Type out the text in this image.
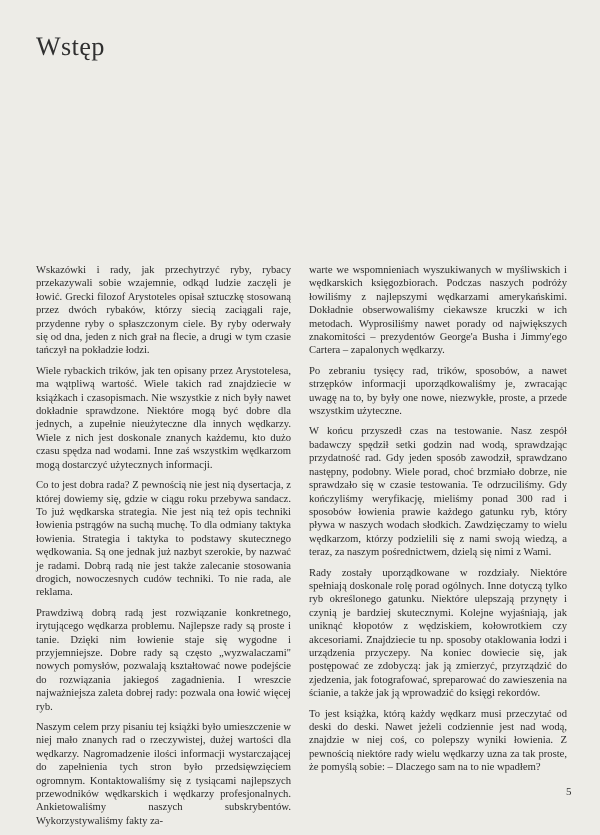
Wstęp

Wskazówki i rady, jak przechytrzyć ryby, rybacy przekazywali sobie wzajemnie, odkąd ludzie zaczęli je łowić. Grecki filozof Arystoteles opisał sztuczkę stosowaną przez dwóch rybaków, którzy siecią zaciągali raje, przydenne ryby o spłaszczonym ciele. By ryby oderwały się od dna, jeden z nich grał na flecie, a drugi w tym czasie tańczył na pokładzie łodzi.

Wiele rybackich trików, jak ten opisany przez Arystotelesa, ma wątpliwą wartość. Wiele takich rad znajdziecie w książkach i czasopismach. Nie wszystkie z nich były nawet dokładnie sprawdzone. Niektóre mogą być dobre dla jednych, a zupełnie nieużyteczne dla innych wędkarzy. Wiele z nich jest doskonale znanych każdemu, kto dużo czasu spędza nad wodami. Inne zaś wszystkim wędkarzom mogą dostarczyć użytecznych informacji.

Co to jest dobra rada? Z pewnością nie jest nią dysertacja, z której dowiemy się, gdzie w ciągu roku przebywa sandacz. To już wędkarska strategia. Nie jest nią też opis techniki łowienia pstrągów na suchą muchę. To dla odmiany taktyka łowienia. Strategia i taktyka to podstawy skutecznego wędkowania. Są one jednak już nazbyt szerokie, by nazwać je radami. Dobrą radą nie jest także zalecanie stosowania drogich, nowoczesnych cudów techniki. To nie rada, ale reklama.

Prawdziwą dobrą radą jest rozwiązanie konkretnego, irytującego wędkarza problemu. Najlepsze rady są proste i tanie. Dzięki nim łowienie staje się wygodne i przyjemniejsze. Dobre rady są często „wyzwalaczami" nowych pomysłów, pozwalają kształtować nowe podejście do rozwiązania jakiegoś zagadnienia. I wreszcie najważniejsza zaleta dobrej rady: pozwala ona łowić więcej ryb.

Naszym celem przy pisaniu tej książki było umieszczenie w niej mało znanych rad o rzeczywistej, dużej wartości dla wędkarzy. Nagromadzenie ilości informacji wystarczającej do zapełnienia tych stron było przedsięwzięciem ogromnym. Kontaktowaliśmy się z tysiącami najlepszych przewodników wędkarskich i wędkarzy profesjonalnych. Ankietowaliśmy naszych subskrybentów. Wykorzystywaliśmy fakty za-

warte we wspomnieniach wyszukiwanych w myśliwskich i wędkarskich księgozbiorach. Podczas naszych podróży łowiliśmy z najlepszymi wędkarzami amerykańskimi. Dokładnie obserwowaliśmy ciekawsze kruczki w ich metodach. Wyprosiliśmy nawet porady od największych znakomitości – prezydentów George'a Busha i Jimmy'ego Cartera – zapalonych wędkarzy.

Po zebraniu tysięcy rad, trików, sposobów, a nawet strzępków informacji uporządkowaliśmy je, zwracając uwagę na to, by były one nowe, niezwykłe, proste, a przede wszystkim użyteczne.

W końcu przyszedł czas na testowanie. Nasz zespół badawczy spędził setki godzin nad wodą, sprawdzając przydatność rad. Gdy jeden sposób zawodził, sprawdzano następny, podobny. Wiele porad, choć brzmiało dobrze, nie sprawdzało się w czasie testowania. Te odrzuciliśmy. Gdy kończyliśmy weryfikację, mieliśmy ponad 300 rad i sposobów łowienia prawie każdego gatunku ryb, który pływa w naszych wodach słodkich. Zawdzięczamy to wielu wędkarzom, którzy podzielili się z nami swoją wiedzą, a teraz, za naszym pośrednictwem, dzielą się nimi z Wami.

Rady zostały uporządkowane w rozdziały. Niektóre spełniają doskonale rolę porad ogólnych. Inne dotyczą tylko ryb określonego gatunku. Niektóre ulepszają przynęty i czynią je bardziej skutecznymi. Kolejne wyjaśniają, jak uniknąć kłopotów z wędziskiem, kołowrotkiem czy akcesoriami. Znajdziecie tu np. sposoby otaklowania łodzi i urządzenia przyczepy. Na koniec dowiecie się, jak postępować ze zdobyczą: jak ją zmierzyć, przyrządzić do zjedzenia, jak fotografować, spreparować do zawieszenia na ścianie, a także jak ją wprowadzić do księgi rekordów.

To jest książka, którą każdy wędkarz musi przeczytać od deski do deski. Nawet jeżeli codziennie jest nad wodą, znajdzie w niej coś, co polepszy wyniki łowienia. Z pewnością niektóre rady wielu wędkarzy uzna za tak proste, że pomyślą sobie: – Dlaczego sam na to nie wpadłem?

5
